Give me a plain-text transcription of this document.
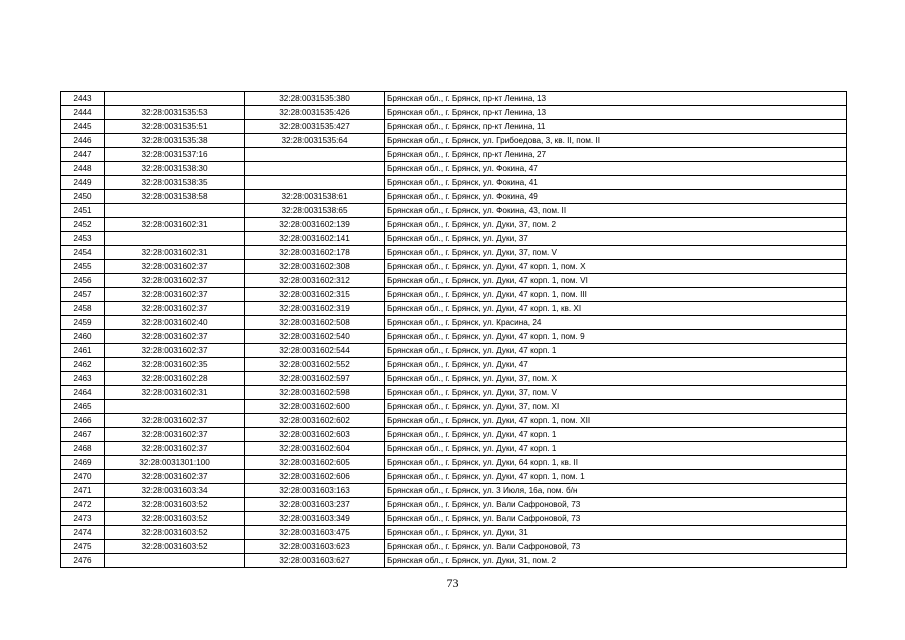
2443		32:28:0031535:380	Брянская обл., г. Брянск, пр-кт Ленина, 13
2444	32:28:0031535:53	32:28:0031535:426	Брянская обл., г. Брянск, пр-кт Ленина, 13
2445	32:28:0031535:51	32:28:0031535:427	Брянская обл., г. Брянск, пр-кт Ленина, 11
2446	32:28:0031535:38	32:28:0031535:64	Брянская обл., г. Брянск, ул. Грибоедова, 3, кв. II, пом. II
2447	32:28:0031537:16		Брянская обл., г. Брянск, пр-кт Ленина, 27
2448	32:28:0031538:30		Брянская обл., г. Брянск, ул. Фокина, 47
2449	32:28:0031538:35		Брянская обл., г. Брянск, ул. Фокина, 41
2450	32:28:0031538:58	32:28:0031538:61	Брянская обл., г. Брянск, ул. Фокина, 49
2451		32:28:0031538:65	Брянская обл., г. Брянск, ул. Фокина, 43, пом. II
2452	32:28:0031602:31	32:28:0031602:139	Брянская обл., г. Брянск, ул. Дуки, 37, пом. 2
2453		32:28:0031602:141	Брянская обл., г. Брянск, ул. Дуки, 37
2454	32:28:0031602:31	32:28:0031602:178	Брянская обл., г. Брянск, ул. Дуки, 37, пом. V
2455	32:28:0031602:37	32:28:0031602:308	Брянская обл., г. Брянск, ул. Дуки, 47 корп. 1, пом. X
2456	32:28:0031602:37	32:28:0031602:312	Брянская обл., г. Брянск, ул. Дуки, 47 корп. 1, пом. VI
2457	32:28:0031602:37	32:28:0031602:315	Брянская обл., г. Брянск, ул. Дуки, 47 корп. 1, пом. III
2458	32:28:0031602:37	32:28:0031602:319	Брянская обл., г. Брянск, ул. Дуки, 47 корп. 1, кв. XI
2459	32:28:0031602:40	32:28:0031602:508	Брянская обл., г. Брянск, ул. Красина, 24
2460	32:28:0031602:37	32:28:0031602:540	Брянская обл., г. Брянск, ул. Дуки, 47 корп. 1, пом. 9
2461	32:28:0031602:37	32:28:0031602:544	Брянская обл., г. Брянск, ул. Дуки, 47 корп. 1
2462	32:28:0031602:35	32:28:0031602:552	Брянская обл., г. Брянск, ул. Дуки, 47
2463	32:28:0031602:28	32:28:0031602:597	Брянская обл., г. Брянск, ул. Дуки, 37, пом. X
2464	32:28:0031602:31	32:28:0031602:598	Брянская обл., г. Брянск, ул. Дуки, 37, пом. V
2465		32:28:0031602:600	Брянская обл., г. Брянск, ул. Дуки, 37, пом. XI
2466	32:28:0031602:37	32:28:0031602:602	Брянская обл., г. Брянск, ул. Дуки, 47 корп. 1, пом. XII
2467	32:28:0031602:37	32:28:0031602:603	Брянская обл., г. Брянск, ул. Дуки, 47 корп. 1
2468	32:28:0031602:37	32:28:0031602:604	Брянская обл., г. Брянск, ул. Дуки, 47 корп. 1
2469	32:28:0031301:100	32:28:0031602:605	Брянская обл., г. Брянск, ул. Дуки, 64 корп. 1, кв. II
2470	32:28:0031602:37	32:28:0031602:606	Брянская обл., г. Брянск, ул. Дуки, 47 корп. 1, пом. 1
2471	32:28:0031603:34	32:28:0031603:163	Брянская обл., г. Брянск, ул. 3 Июля, 16а, пом. б/н
2472	32:28:0031603:52	32:28:0031603:237	Брянская обл., г. Брянск, ул. Вали Сафроновой, 73
2473	32:28:0031603:52	32:28:0031603:349	Брянская обл., г. Брянск, ул. Вали Сафроновой, 73
2474	32:28:0031603:52	32:28:0031603:475	Брянская обл., г. Брянск, ул. Дуки, 31
2475	32:28:0031603:52	32:28:0031603:623	Брянская обл., г. Брянск, ул. Вали Сафроновой, 73
2476		32:28:0031603:627	Брянская обл., г. Брянск, ул. Дуки, 31, пом. 2
73
